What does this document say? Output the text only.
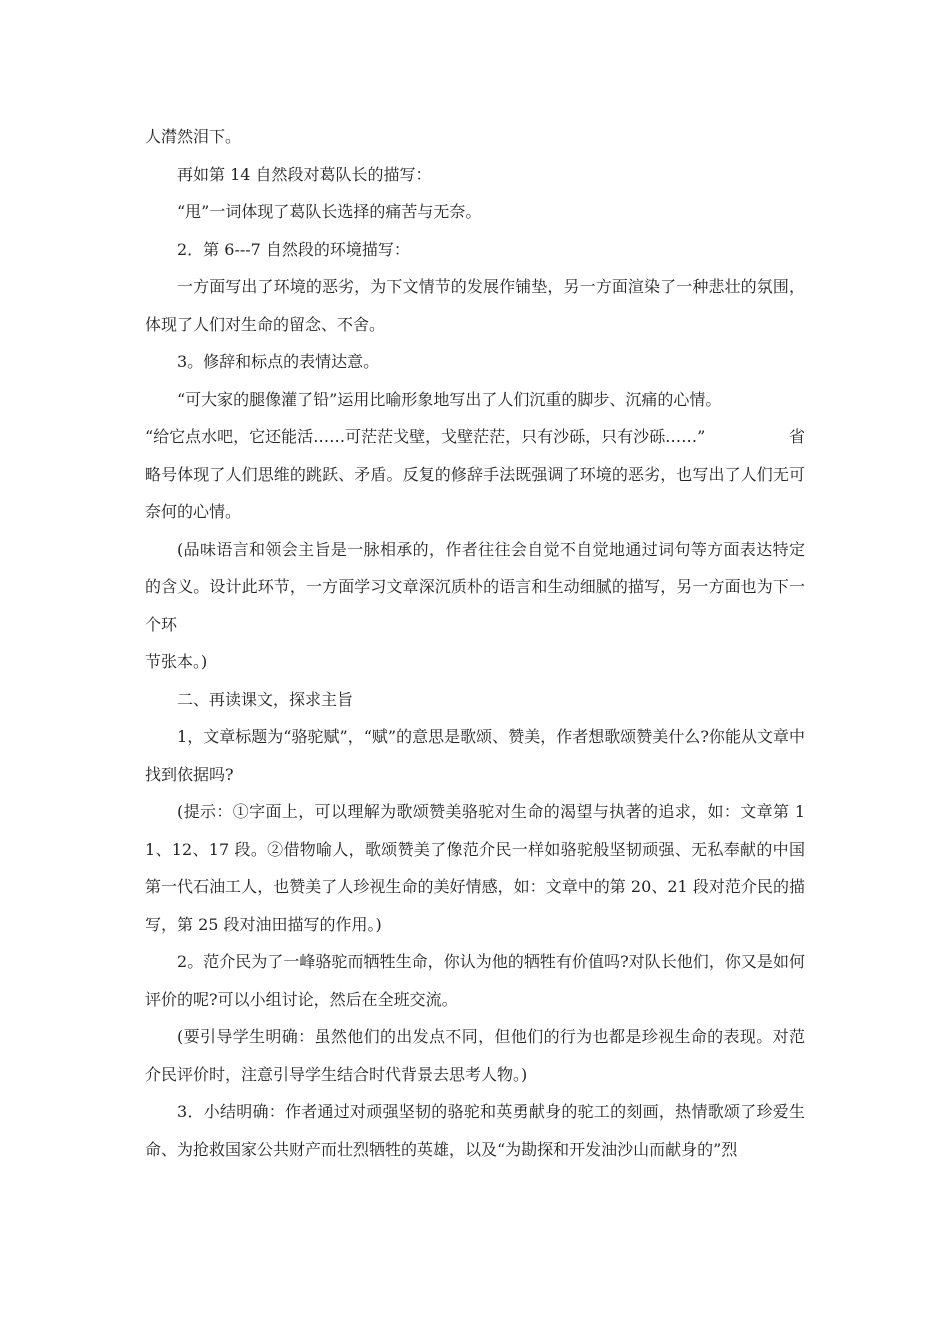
人潸然泪下。

再如第 14 自然段对葛队长的描写：

“甩”一词体现了葛队长选择的痛苦与无奈。

2．第 6---7 自然段的环境描写：

一方面写出了环境的恶劣，为下文情节的发展作铺垫，另一方面渲染了一种悲壮的氛围，体现了人们对生命的留念、不舍。

3。修辞和标点的表情达意。

“可大家的腿像灌了铅”运用比喻形象地写出了人们沉重的脚步、沉痛的心情。

“给它点水吧，它还能活……可茫茫戈壁，戈壁茫茫，只有沙砾，只有沙砾……”	省

略号体现了人们思维的跳跃、矛盾。反复的修辞手法既强调了环境的恶劣，也写出了人们无可奈何的心情。

(品味语言和领会主旨是一脉相承的，作者往往会自觉不自觉地通过词句等方面表达特定的含义。设计此环节，一方面学习文章深沉质朴的语言和生动细腻的描写，另一方面也为下一个环

节张本。)

二、再读课文，探求主旨

1，文章标题为“骆驼赋”，“赋”的意思是歌颂、赞美，作者想歌颂赞美什么?你能从文章中找到依据吗?

(提示：①字面上，可以理解为歌颂赞美骆驼对生命的渴望与执著的追求，如：文章第 11、12、17 段。②借物喻人，歌颂赞美了像范介民一样如骆驼般坚韧顽强、无私奉献的中国第一代石油工人，也赞美了人珍视生命的美好情感，如：文章中的第 20、21 段对范介民的描写，第 25 段对油田描写的作用。)

2。范介民为了一峰骆驼而牺牲生命，你认为他的牺牲有价值吗?对队长他们，你又是如何评价的呢?可以小组讨论，然后在全班交流。

(要引导学生明确：虽然他们的出发点不同，但他们的行为也都是珍视生命的表现。对范介民评价时，注意引导学生结合时代背景去思考人物。)

3．小结明确：作者通过对顽强坚韧的骆驼和英勇献身的驼工的刻画，热情歌颂了珍爱生命、为抢救国家公共财产而壮烈牺牲的英雄，以及“为勘探和开发油沙山而献身的”烈
